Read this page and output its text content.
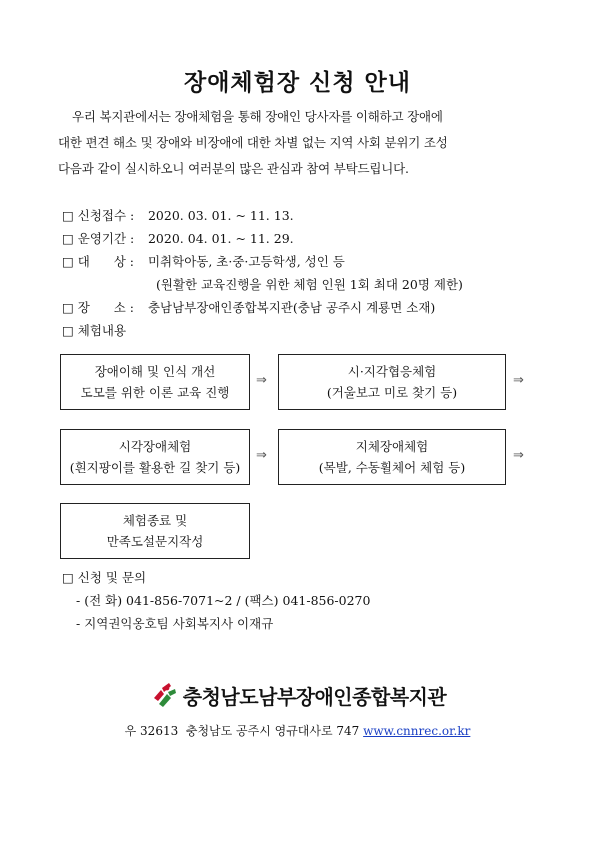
장애체험장 신청 안내

우리 복지관에서는 장애체험을 통해 장애인 당사자를 이해하고 장애에
대한 편견 해소 및 장애와 비장애에 대한 차별 없는 지역 사회 분위기 조성
다음과 같이 실시하오니 여러분의 많은 관심과 참여 부탁드립니다.

□ 신청접수 : 2020. 03. 01. ~ 11. 13.
□ 운영기간 : 2020. 04. 01. ~ 11. 29.
□ 대      상 : 미취학아동, 초·중·고등학생, 성인 등
(원활한 교육진행을 위한 체험 인원 1회 최대 20명 제한)
□ 장      소 : 충남남부장애인종합복지관(충남 공주시 계룡면 소재)
□ 체험내용
장애이해 및 인식 개선
도모를 위한 이론 교육 진행
⇒
시·지각협응체험
(거울보고 미로 찾기 등)
⇒
시각장애체험
(흰지팡이를 활용한 길 찾기 등)
⇒
지체장애체험
(목발, 수동휠체어 체험 등)
⇒
체험종료 및
만족도설문지작성
□ 신청 및 문의
- (전 화) 041-856-7071~2 / (팩스) 041-856-0270
- 지역권익옹호팀 사회복지사 이재규
충청남도남부장애인종합복지관
우 32613  충청남도 공주시 영규대사로 747 www.cnnrec.or.kr
